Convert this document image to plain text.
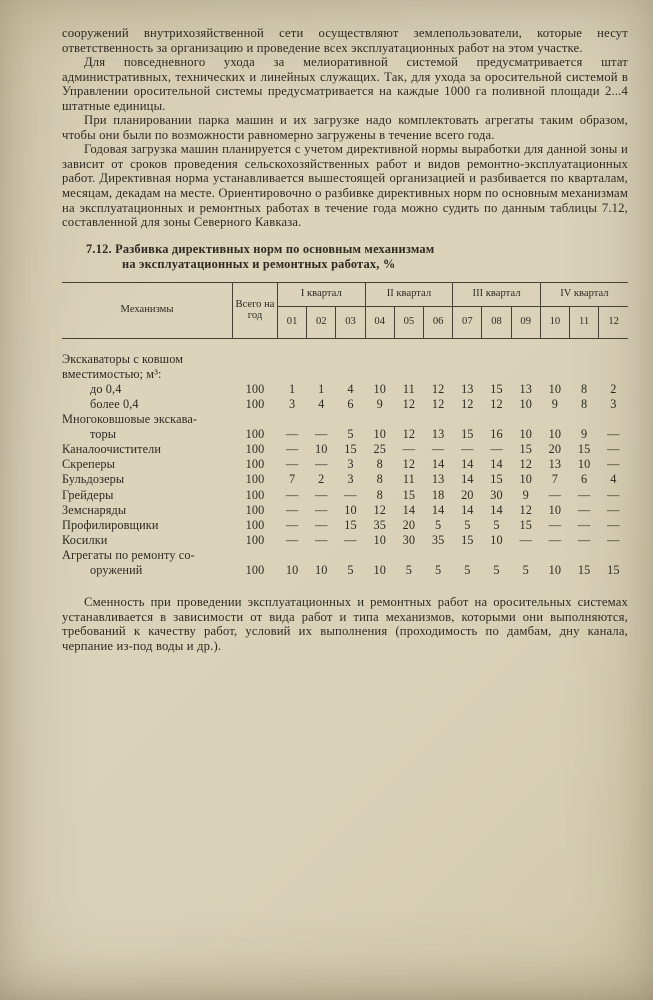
сооружений внутрихозяйственной сети осуществляют землепользователи, которые несут ответственность за организацию и проведение всех эксплуатационных работ на этом участке.

Для повседневного ухода за мелиоративной системой предусматривается штат административных, технических и линейных служащих. Так, для ухода за оросительной системой в Управлении оросительной системы предусматривается на каждые 1000 га поливной площади 2...4 штатные единицы.

При планировании парка машин и их загрузке надо комплектовать агрегаты таким образом, чтобы они были по возможности равномерно загружены в течение всего года.

Годовая загрузка машин планируется с учетом директивной нормы выработки для данной зоны и зависит от сроков проведения сельскохозяйственных работ и видов ремонтно-эксплуатационных работ. Директивная норма устанавливается вышестоящей организацией и разбивается по кварталам, месяцам, декадам на месте. Ориентировочно о разбивке директивных норм по основным механизмам на эксплуатационных и ремонтных работах в течение года можно судить по данным таблицы 7.12, составленной для зоны Северного Кавказа.

7.12. Разбивка директивных норм по основным механизмам
на эксплуатационных и ремонтных работах, %
Механизмы	Всего на год	I квартал			II квартал			III квартал			IV квартал		
		01	02	03	04	05	06	07	08	09	10	11	12
Экскаваторы с ковшом													
вместимостью; м³:													
до 0,4	100	1	1	4	10	11	12	13	15	13	10	8	2
более 0,4	100	3	4	6	9	12	12	12	12	10	9	8	3
Многоковшовые экскава-													
торы	100	—	—	5	10	12	13	15	16	10	10	9	—
Каналоочистители	100	—	10	15	25	—	—	—	—	15	20	15	—
Скреперы	100	—	—	3	8	12	14	14	14	12	13	10	—
Бульдозеры	100	7	2	3	8	11	13	14	15	10	7	6	4
Грейдеры	100	—	—	—	8	15	18	20	30	9	—	—	—
Земснаряды	100	—	—	10	12	14	14	14	14	12	10	—	—
Профилировщики	100	—	—	15	35	20	5	5	5	15	—	—	—
Косилки	100	—	—	—	10	30	35	15	10	—	—	—	—
Агрегаты по ремонту со-													
оружений	100	10	10	5	10	5	5	5	5	5	10	15	15

Сменность при проведении эксплуатационных и ремонтных работ на оросительных системах устанавливается в зависимости от вида работ и типа механизмов, которыми они выполняются, требований к качеству работ, условий их выполнения (проходимость по дамбам, дну канала, черпание из-под воды и др.).
